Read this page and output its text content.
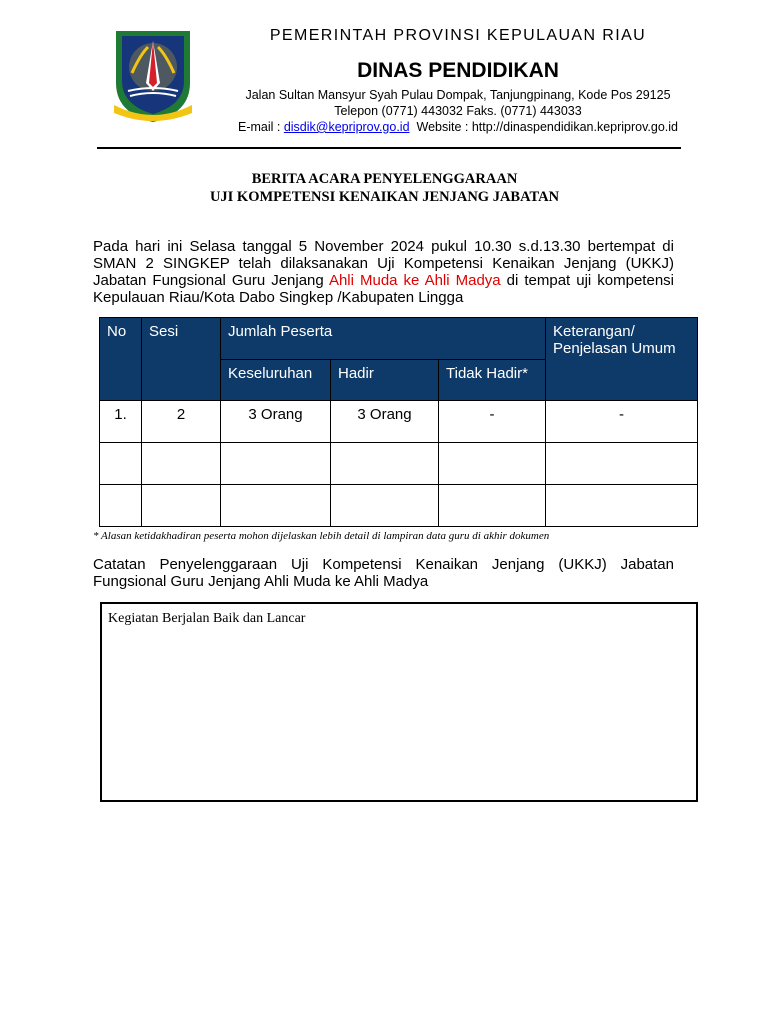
PEMERINTAH PROVINSI KEPULAUAN RIAU
DINAS PENDIDIKAN
Jalan Sultan Mansyur Syah Pulau Dompak, Tanjungpinang, Kode Pos 29125
Telepon (0771) 443032 Faks. (0771) 443033
E-mail : disdik@kepriprov.go.id Website : http://dinaspendidikan.kepriprov.go.id
BERITA ACARA PENYELENGGARAAN
UJI KOMPETENSI KENAIKAN JENJANG JABATAN
Pada hari ini Selasa tanggal 5 November 2024 pukul 10.30 s.d.13.30 bertempat di SMAN 2 SINGKEP telah dilaksanakan Uji Kompetensi Kenaikan Jenjang (UKKJ) Jabatan Fungsional Guru Jenjang Ahli Muda ke Ahli Madya di tempat uji kompetensi Kepulauan Riau/Kota Dabo Singkep /Kabupaten Lingga
No	Sesi	Jumlah Peserta			Keterangan/ Penjelasan Umum
		Keseluruhan	Hadir	Tidak Hadir*	
1.	2	3 Orang	3 Orang	-	-

* Alasan ketidakhadiran peserta mohon dijelaskan lebih detail di lampiran data guru di akhir dokumen
Catatan Penyelenggaraan Uji Kompetensi Kenaikan Jenjang (UKKJ) Jabatan Fungsional Guru Jenjang Ahli Muda ke Ahli Madya
Kegiatan Berjalan Baik dan Lancar
